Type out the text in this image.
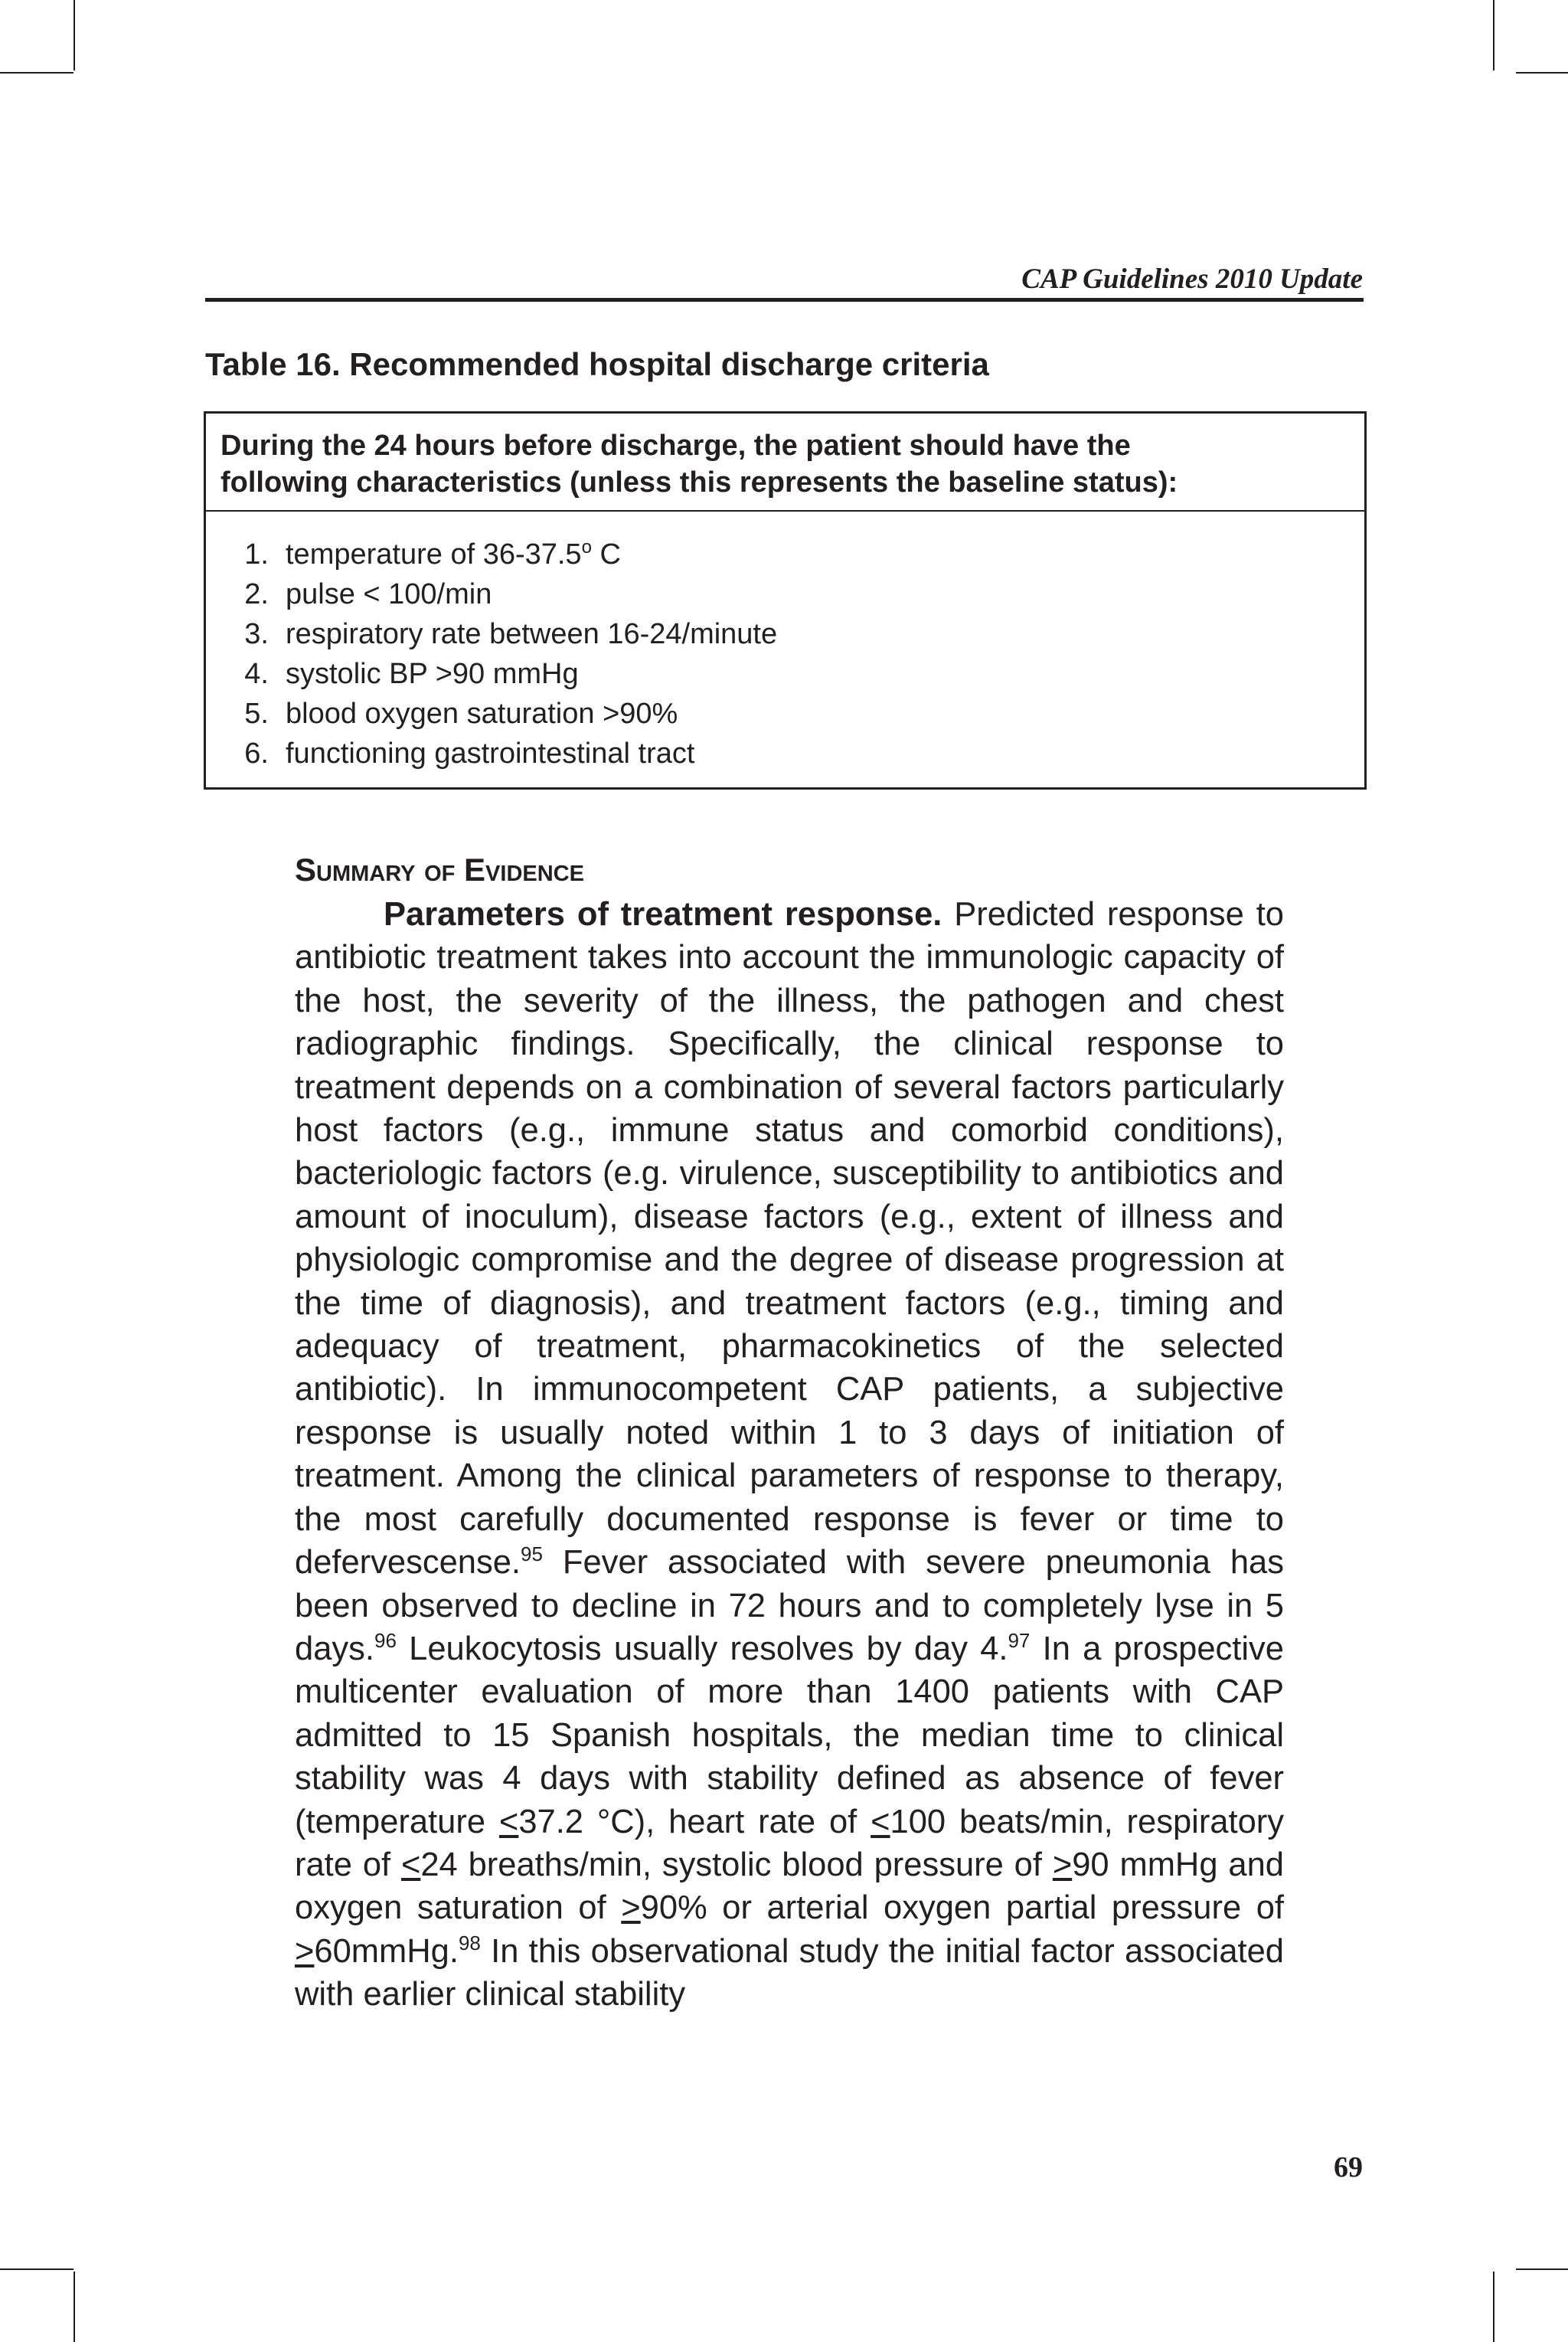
CAP Guidelines 2010 Update
Table 16. Recommended hospital discharge criteria
During the 24 hours before discharge, the patient should have the
following characteristics (unless this represents the baseline status):
1. temperature of 36-37.5$^o$ C
2. pulse < 100/min
3. respiratory rate between 16-24/minute
4. systolic BP >90 mmHg
5. blood oxygen saturation >90%
6. functioning gastrointestinal tract
Summary of Evidence

Parameters of treatment response. Predicted response to antibiotic treatment takes into account the immunologic capacity of the host, the severity of the illness, the pathogen and chest radiographic findings. Specifically, the clinical response to treatment depends on a combination of several factors particularly host factors (e.g., immune status and comorbid conditions), bacteriologic factors (e.g. virulence, susceptibility to antibiotics and amount of inoculum), disease factors (e.g., extent of illness and physiologic compromise and the degree of disease progression at the time of diagnosis), and treatment factors (e.g., timing and adequacy of treatment, pharmacokinetics of the selected antibiotic). In immunocompetent CAP patients, a subjective response is usually noted within 1 to 3 days of initiation of treatment. Among the clinical parameters of response to therapy, the most carefully documented response is fever or time to defervescense.$^{95}$ Fever associated with severe pneumonia has been observed to decline in 72 hours and to completely lyse in 5 days.$^{96}$ Leukocytosis usually resolves by day 4.97 In a prospective multicenter evaluation of more than 1400 patients with CAP admitted to 15 Spanish hospitals, the median time to clinical stability was 4 days with stability defined as absence of fever (temperature ≤37.2 °C), heart rate of ≤100 beats/min, respiratory rate of ≤24 breaths/min, systolic blood pressure of ≥90 mmHg and oxygen saturation of ≥90% or arterial oxygen partial pressure of ≥60mmHg.$^{98}$ In this observational study the initial factor associated with earlier clinical stability

69
